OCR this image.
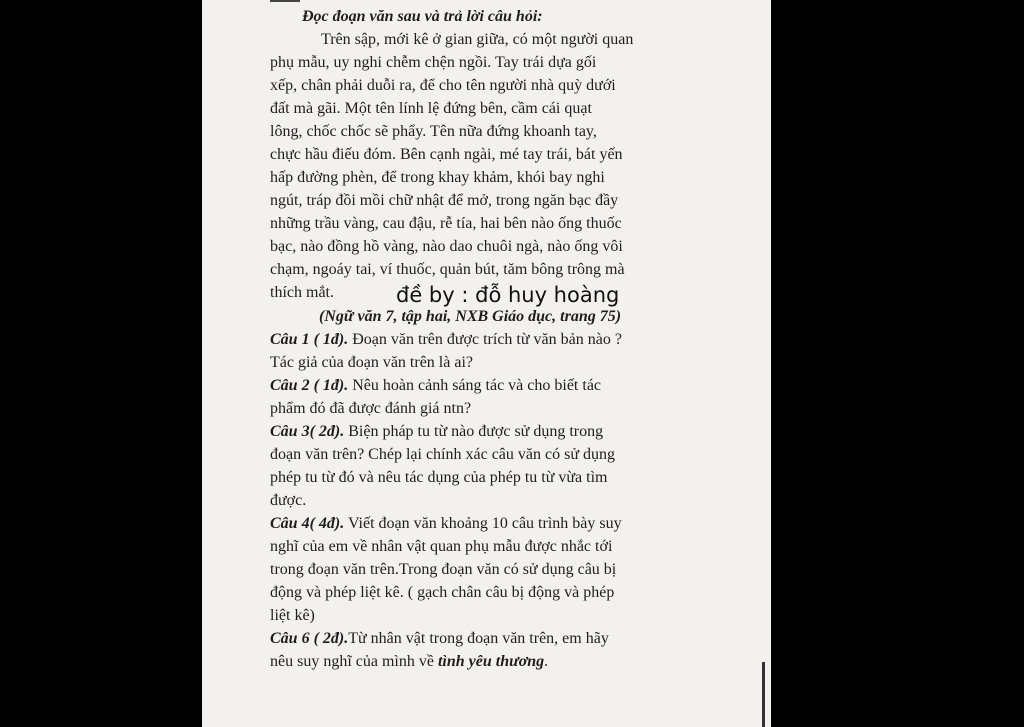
Đọc đoạn văn sau và trả lời câu hỏi:
Trên sập, mới kê ở gian giữa, có một người quan
phụ mẫu, uy nghi chễm chện ngồi. Tay trái dựa gối
xếp, chân phải duỗi ra, để cho tên người nhà quỳ dưới
đất mà gãi. Một tên lính lệ đứng bên, cầm cái quạt
lông, chốc chốc sẽ phẩy. Tên nữa đứng khoanh tay,
chực hầu điếu đóm. Bên cạnh ngài, mé tay trái, bát yến
hấp đường phèn, để trong khay khảm, khói bay nghi
ngút, tráp đồi mồi chữ nhật để mở, trong ngăn bạc đầy
những trầu vàng, cau đậu, rễ tía, hai bên nào ống thuốc
bạc, nào đồng hồ vàng, nào dao chuôi ngà, nào ống vôi
chạm, ngoáy tai, ví thuốc, quản bút, tăm bông trông mà
thích mắt.	đề by : đỗ huy hoàng
(Ngữ văn 7, tập hai, NXB Giáo dục, trang 75)
Câu 1 ( 1đ). Đoạn văn trên được trích từ văn bản nào ?
Tác giả của đoạn văn trên là ai?
Câu 2 ( 1đ). Nêu hoàn cảnh sáng tác và cho biết tác
phẩm đó đã được đánh giá ntn?
Câu 3( 2đ). Biện pháp tu từ nào được sử dụng trong
đoạn văn trên? Chép lại chính xác câu văn có sử dụng
phép tu từ đó và nêu tác dụng của phép tu từ vừa tìm
được.
Câu 4( 4đ). Viết đoạn văn khoảng 10 câu trình bày suy
nghĩ của em về nhân vật quan phụ mẫu được nhắc tới
trong đoạn văn trên.Trong đoạn văn có sử dụng câu bị
động và phép liệt kê. ( gạch chân câu bị động và phép
liệt kê)
Câu 6 ( 2đ).Từ nhân vật trong đoạn văn trên, em hãy
nêu suy nghĩ của mình về tình yêu thương.
